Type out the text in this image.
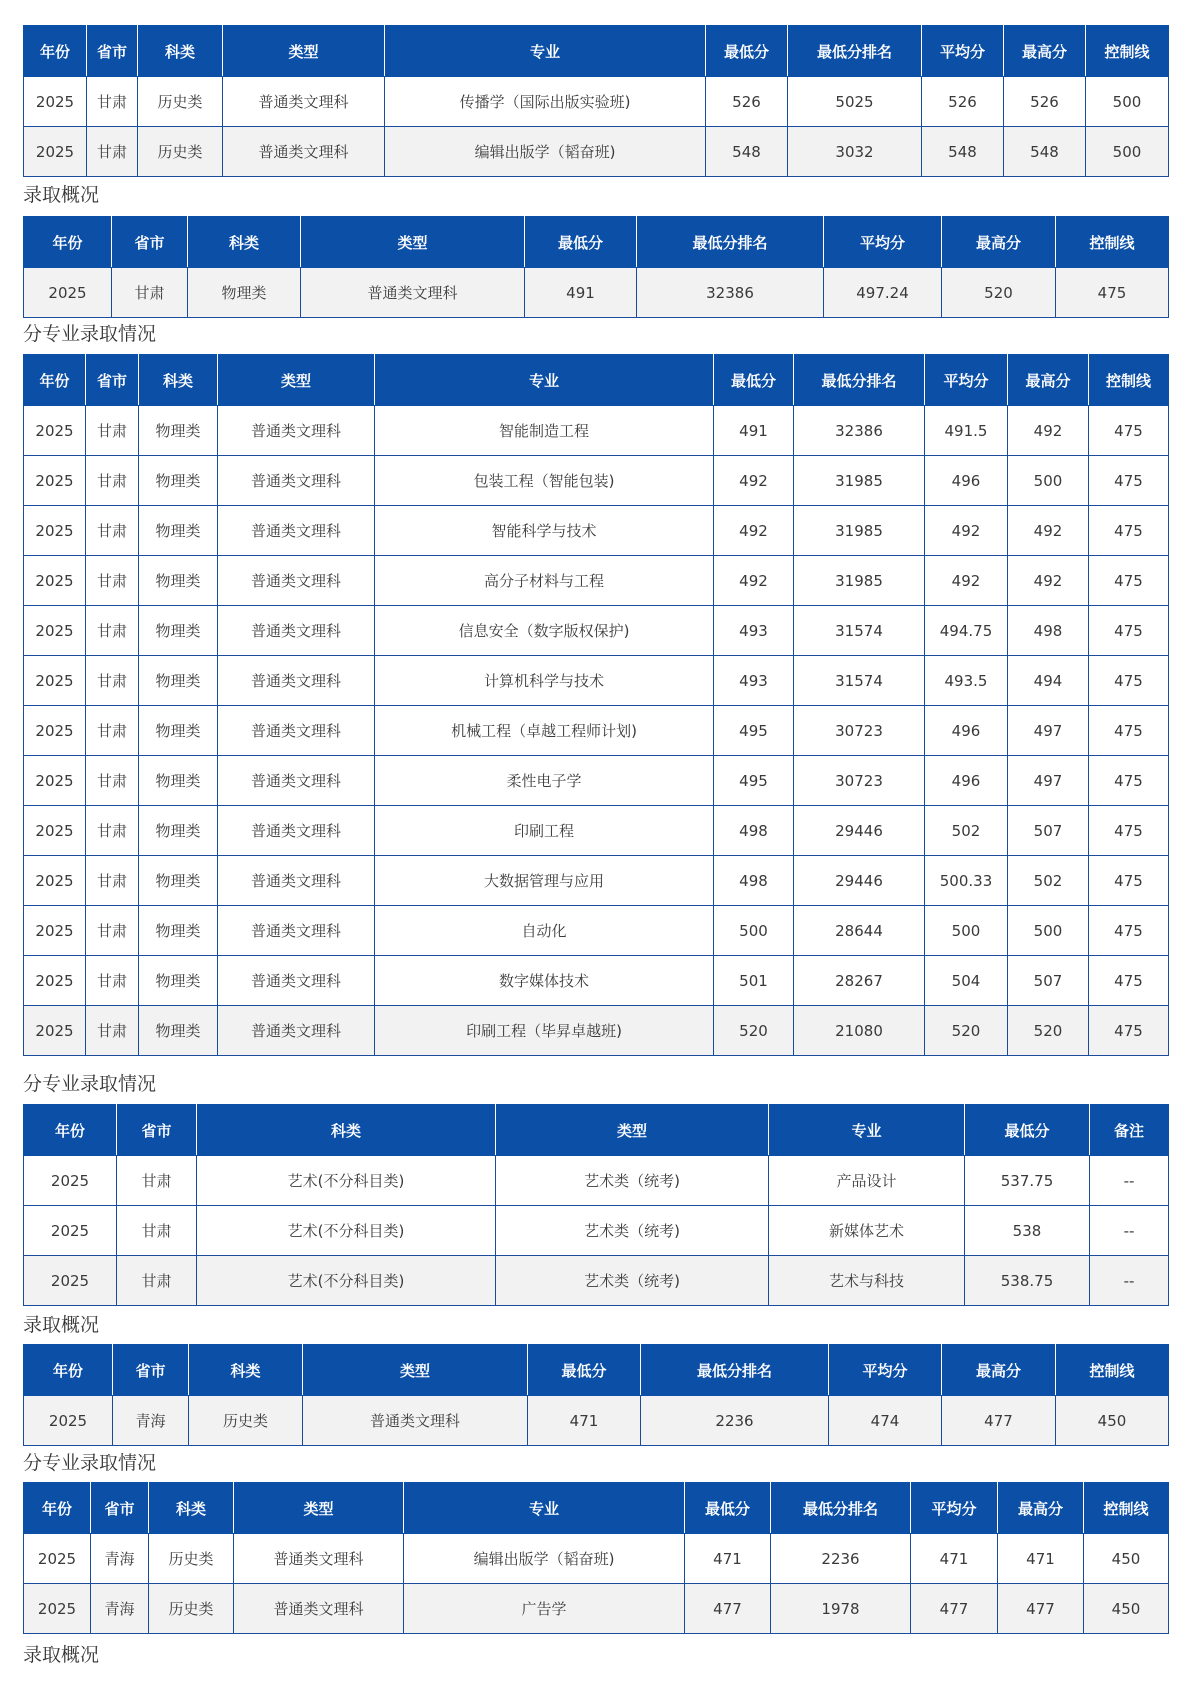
年份	省市	科类	类型	专业	最低分	最低分排名	平均分	最高分	控制线
2025	甘肃	历史类	普通类文理科	传播学（国际出版实验班)	526	5025	526	526	500
2025	甘肃	历史类	普通类文理科	编辑出版学（韬奋班)	548	3032	548	548	500
录取概况
年份	省市	科类	类型	最低分	最低分排名	平均分	最高分	控制线
2025	甘肃	物理类	普通类文理科	491	32386	497.24	520	475
分专业录取情况
年份	省市	科类	类型	专业	最低分	最低分排名	平均分	最高分	控制线
2025	甘肃	物理类	普通类文理科	智能制造工程	491	32386	491.5	492	475
2025	甘肃	物理类	普通类文理科	包装工程（智能包装)	492	31985	496	500	475
2025	甘肃	物理类	普通类文理科	智能科学与技术	492	31985	492	492	475
2025	甘肃	物理类	普通类文理科	高分子材料与工程	492	31985	492	492	475
2025	甘肃	物理类	普通类文理科	信息安全（数字版权保护)	493	31574	494.75	498	475
2025	甘肃	物理类	普通类文理科	计算机科学与技术	493	31574	493.5	494	475
2025	甘肃	物理类	普通类文理科	机械工程（卓越工程师计划)	495	30723	496	497	475
2025	甘肃	物理类	普通类文理科	柔性电子学	495	30723	496	497	475
2025	甘肃	物理类	普通类文理科	印刷工程	498	29446	502	507	475
2025	甘肃	物理类	普通类文理科	大数据管理与应用	498	29446	500.33	502	475
2025	甘肃	物理类	普通类文理科	自动化	500	28644	500	500	475
2025	甘肃	物理类	普通类文理科	数字媒体技术	501	28267	504	507	475
2025	甘肃	物理类	普通类文理科	印刷工程（毕昇卓越班)	520	21080	520	520	475
分专业录取情况
年份	省市	科类	类型	专业	最低分	备注
2025	甘肃	艺术(不分科目类)	艺术类（统考)	产品设计	537.75	--
2025	甘肃	艺术(不分科目类)	艺术类（统考)	新媒体艺术	538	--
2025	甘肃	艺术(不分科目类)	艺术类（统考)	艺术与科技	538.75	--
录取概况
年份	省市	科类	类型	最低分	最低分排名	平均分	最高分	控制线
2025	青海	历史类	普通类文理科	471	2236	474	477	450
分专业录取情况
年份	省市	科类	类型	专业	最低分	最低分排名	平均分	最高分	控制线
2025	青海	历史类	普通类文理科	编辑出版学（韬奋班)	471	2236	471	471	450
2025	青海	历史类	普通类文理科	广告学	477	1978	477	477	450
录取概况
